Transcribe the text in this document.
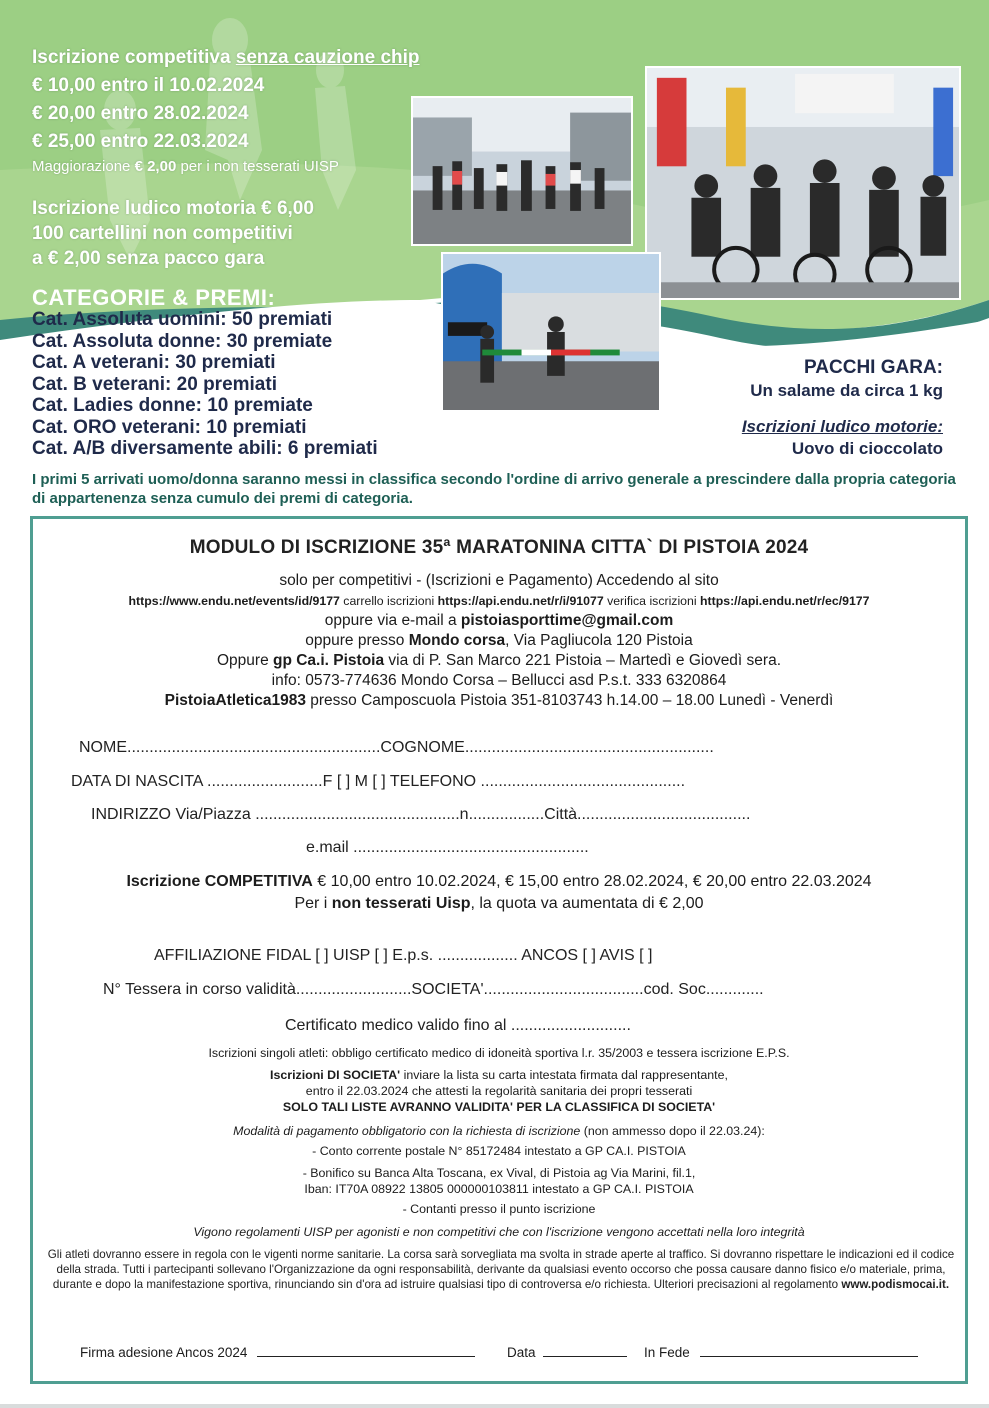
Iscrizione competitiva senza cauzione chip
€ 10,00 entro il 10.02.2024
€ 20,00 entro 28.02.2024
€ 25,00 entro 22.03.2024
Maggiorazione € 2,00 per i non tesserati UISP
Iscrizione ludico motoria € 6,00
100 cartellini non competitivi
a € 2,00 senza pacco gara
CATEGORIE & PREMI:
Cat. Assoluta uomini: 50 premiati
Cat. Assoluta donne: 30 premiate
Cat. A veterani: 30 premiati
Cat. B veterani: 20 premiati
Cat. Ladies donne: 10 premiate
Cat. ORO veterani: 10 premiati
Cat. A/B diversamente abili: 6 premiati
PACCHI GARA:
Un salame da circa 1 kg
Iscrizioni ludico motorie:
Uovo di cioccolato
I primi 5 arrivati uomo/donna saranno messi in classifica secondo l'ordine di arrivo generale a prescindere dalla propria categoria di appartenenza senza cumulo dei premi di categoria.
MODULO DI ISCRIZIONE 35ª MARATONINA CITTA` DI PISTOIA 2024
solo per competitivi - (Iscrizioni e Pagamento) Accedendo al sito
https://www.endu.net/events/id/9177 carrello iscrizioni https://api.endu.net/r/i/91077 verifica iscrizioni https://api.endu.net/r/ec/9177
oppure via e-mail a pistoiasporttime@gmail.com
oppure presso Mondo corsa, Via Pagliucola 120 Pistoia
Oppure gp Ca.i. Pistoia via di P. San Marco 221 Pistoia – Martedì e Giovedì sera.
info: 0573-774636 Mondo Corsa – Bellucci asd P.s.t. 333 6320864
PistoiaAtletica1983 presso Camposcuola Pistoia 351-8103743 h.14.00 – 18.00 Lunedì - Venerdì
NOME.........................................................COGNOME........................................................
DATA DI NASCITA ..........................F [ ] M [ ] TELEFONO ..............................................
INDIRIZZO Via/Piazza ..............................................n.................Città.......................................
e.mail .....................................................
Iscrizione COMPETITIVA € 10,00 entro 10.02.2024, € 15,00 entro 28.02.2024, € 20,00 entro 22.03.2024
Per i non tesserati Uisp, la quota va aumentata di € 2,00
AFFILIAZIONE FIDAL [ ] UISP [ ] E.p.s. .................. ANCOS [ ] AVIS [ ]
N° Tessera in corso validità..........................SOCIETA'....................................cod. Soc.............
Certificato medico valido fino al ...........................
Iscrizioni singoli atleti: obbligo certificato medico di idoneità sportiva l.r. 35/2003 e tessera iscrizione E.P.S.
Iscrizioni DI SOCIETA' inviare la lista su carta intestata firmata dal rappresentante,
entro il 22.03.2024 che attesti la regolarità sanitaria dei propri tesserati
SOLO TALI LISTE AVRANNO VALIDITA' PER LA CLASSIFICA DI SOCIETA'
Modalità di pagamento obbligatorio con la richiesta di iscrizione (non ammesso dopo il 22.03.24):
- Conto corrente postale N° 85172484 intestato a GP CA.I. PISTOIA
- Bonifico su Banca Alta Toscana, ex Vival, di Pistoia ag Via Marini, fil.1,
Iban: IT70A 08922 13805 000000103811 intestato a GP CA.I. PISTOIA
- Contanti presso il punto iscrizione
Vigono regolamenti UISP per agonisti e non competitivi che con l'iscrizione vengono accettati nella loro integrità
Gli atleti dovranno essere in regola con le vigenti norme sanitarie. La corsa sarà sorvegliata ma svolta in strade aperte al traffico. Si dovranno rispettare le indicazioni ed il codice della strada. Tutti i partecipanti sollevano l'Organizzazione da ogni responsabilità, derivante da qualsiasi evento occorso che possa causare danno fisico e/o materiale, prima, durante e dopo la manifestazione sportiva, rinunciando sin d'ora ad istruire qualsiasi tipo di controversa e/o richiesta. Ulteriori precisazioni al regolamento www.podismocai.it.
Firma adesione Ancos 2024	Data	In Fede
